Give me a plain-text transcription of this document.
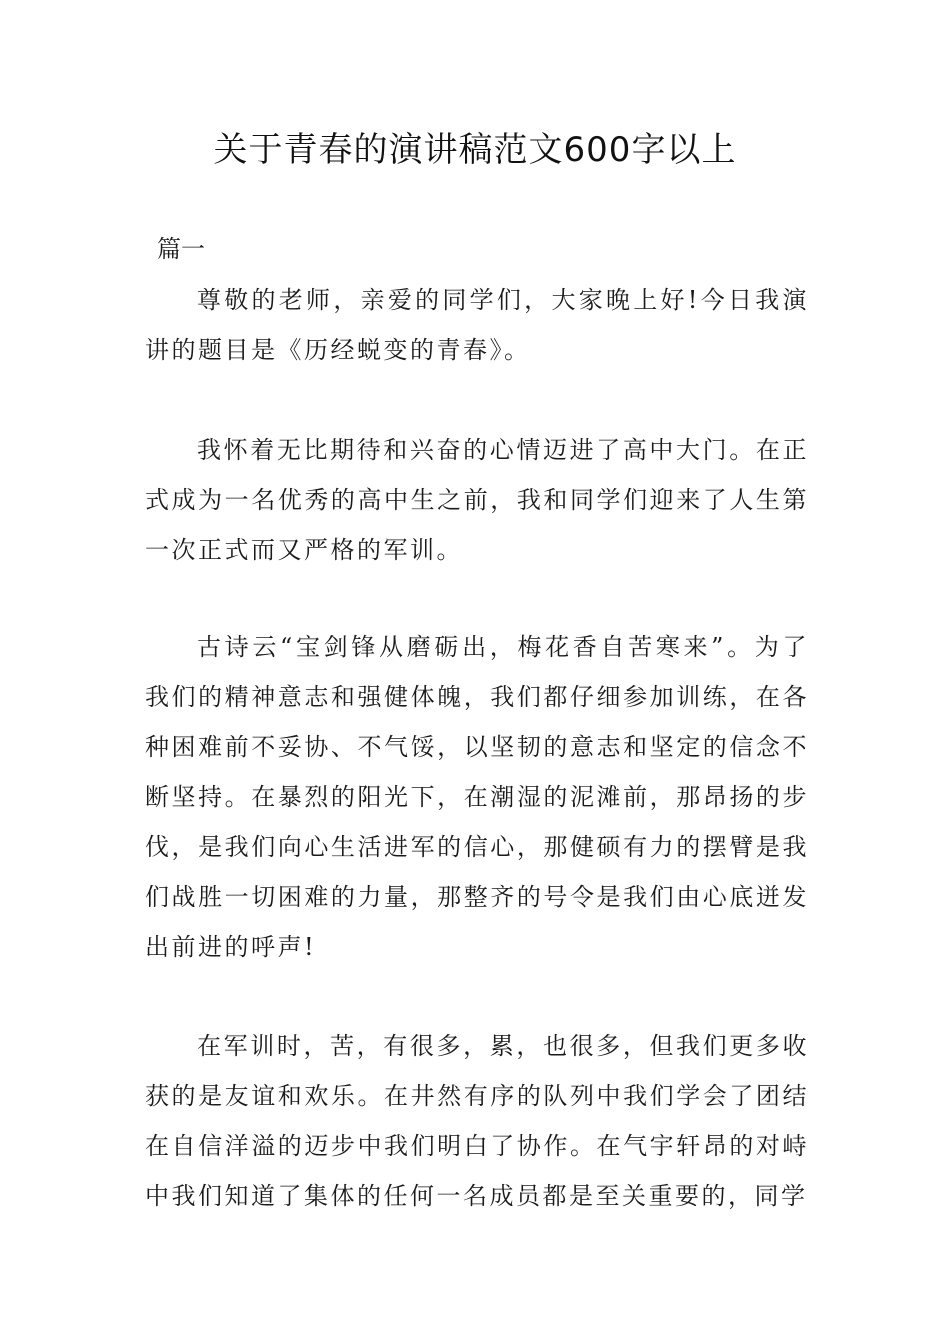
关于青春的演讲稿范文600字以上

篇一

尊敬的老师，亲爱的同学们，大家晚上好!今日我演讲的题目是《历经蜕变的青春》。

我怀着无比期待和兴奋的心情迈进了高中大门。在正式成为一名优秀的高中生之前，我和同学们迎来了人生第一次正式而又严格的军训。

古诗云“宝剑锋从磨砺出，梅花香自苦寒来”。为了我们的精神意志和强健体魄，我们都仔细参加训练，在各种困难前不妥协、不气馁，以坚韧的意志和坚定的信念不断坚持。在暴烈的阳光下，在潮湿的泥滩前，那昂扬的步伐，是我们向心生活进军的信心，那健硕有力的摆臂是我们战胜一切困难的力量，那整齐的号令是我们由心底迸发出前进的呼声!

在军训时，苦，有很多，累，也很多，但我们更多收获的是友谊和欢乐。在井然有序的队列中我们学会了团结在自信洋溢的迈步中我们明白了协作。在气宇轩昂的对峙中我们知道了集体的任何一名成员都是至关重要的，同学
